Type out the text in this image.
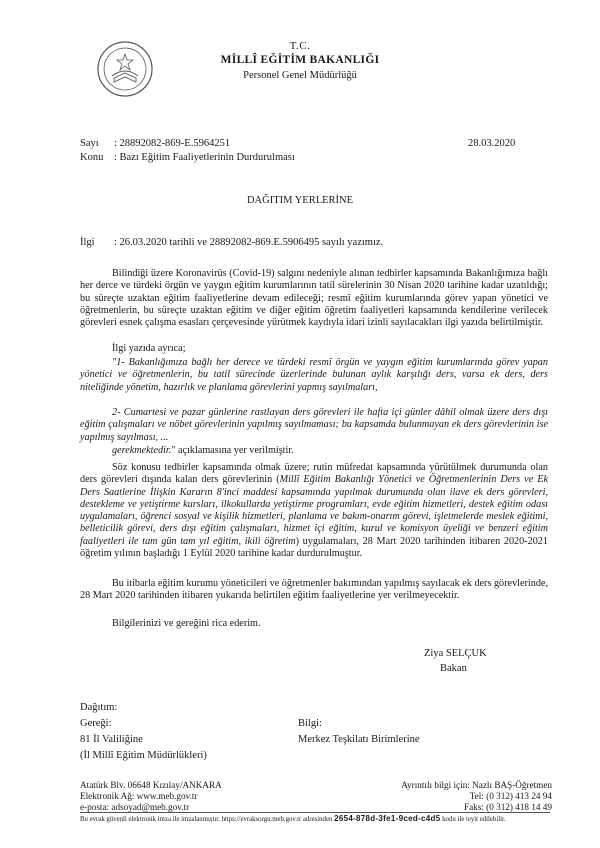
T.C.
MİLLÎ EĞİTİM BAKANLIĞI
Personel Genel Müdürlüğü
Sayı : 28892082-869-E.5964251	28.03.2020
Konu : Bazı Eğitim Faaliyetlerinin Durdurulması
DAĞITIM YERLERİNE
İlgi : 26.03.2020 tarihli ve 28892082-869.E.5906495 sayılı yazımız.
Bilindiği üzere Koronavirüs (Covid-19) salgını nedeniyle alınan tedbirler kapsamında Bakanlığımıza bağlı her derce ve türdeki örgün ve yaygın eğitim kurumlarının tatil sürelerinin 30 Nisan 2020 tarihine kadar uzatıldığı; bu süreçte uzaktan eğitim faaliyetlerine devam edileceği; resmî eğitim kurumlarında görev yapan yönetici ve öğretmenlerin, bu süreçte uzaktan eğitim ve diğer eğitim öğretim faaliyetleri kapsamında kendilerine verilecek görevleri esnek çalışma esasları çerçevesinde yürütmek kaydıyla idari izinli sayılacakları ilgi yazıda belirtilmiştir.
İlgi yazıda ayrıca;
"1- Bakanlığımıza bağlı her derece ve türdeki resmî örgün ve yaygın eğitim kurumlarında görev yapan yönetici ve öğretmenlerin, bu tatil sürecinde üzerlerinde bulunan aylık karşılığı ders, varsa ek ders, ders niteliğinde yönetim, hazırlık ve planlama görevlerini yapmış sayılmaları,
2- Cumartesi ve pazar günlerine rastlayan ders görevleri ile hafta içi günler dâhil olmak üzere ders dışı eğitim çalışmaları ve nöbet görevlerinin yapılmış sayılmaması; bu kapsamda bulunmayan ek ders görevlerinin ise yapılmış sayılması, ...
gerekmektedir." açıklamasına yer verilmiştir.
Söz konusu tedbirler kapsamında olmak üzere; rutin müfredat kapsamında yürütülmek durumunda olan ders görevleri dışında kalan ders görevlerinin (Millî Eğitim Bakanlığı Yönetici ve Öğretmenlerinin Ders ve Ek Ders Saatlerine İlişkin Kararın 8'inci maddesi kapsamında yapılmak durumunda olan ilave ek ders görevleri, destekleme ve yetiştirme kursları, ilkokullarda yetiştirme programları, evde eğitim hizmetleri, destek eğitim odası uygulamaları, öğrenci sosyal ve kişilik hizmetleri, planlama ve bakım-onarım görevi, işletmelerde meslek eğitimi, belleticilik görevi, ders dışı eğitim çalışmaları, hizmet içi eğitim, kurul ve komisyon üyeliği ve benzeri eğitim faaliyetleri ile tam gün tam yıl eğitim, ikili öğretim) uygulamaları, 28 Mart 2020 tarihinden itibaren 2020-2021 öğretim yılının başladığı 1 Eylül 2020 tarihine kadar durdurulmuştur.
Bu itibarla eğitim kurumu yöneticileri ve öğretmenler bakımından yapılmış sayılacak ek ders görevlerinde, 28 Mart 2020 tarihinden itibaren yukarıda belirtilen eğitim faaliyetlerine yer verilmeyecektir.
Bilgilerinizi ve gereğini rica ederim.
Ziya SELÇUK
Bakan
Dağıtım:
Gereği:
81 İl Valiliğine
(İl Millî Eğitim Müdürlükleri)
Bilgi:
Merkez Teşkilatı Birimlerine
Atatürk Blv. 06648 Kızılay/ANKARA
Elektronik Ağ: www.meb.gov.tr
e-posta: adsoyad@meb.gov.tr
Ayrıntılı bilgi için: Nazlı BAŞ-Öğretmen
Tel: (0 312) 413 24 94
Faks: (0 312) 418 14 49
Bu evrak güvenli elektronik imza ile imzalanmıştır. https://evraksorgu.meb.gov.tr adresinden 2654-878d-3fe1-9ced-c4d5 kodu ile teyit edilebilir.
